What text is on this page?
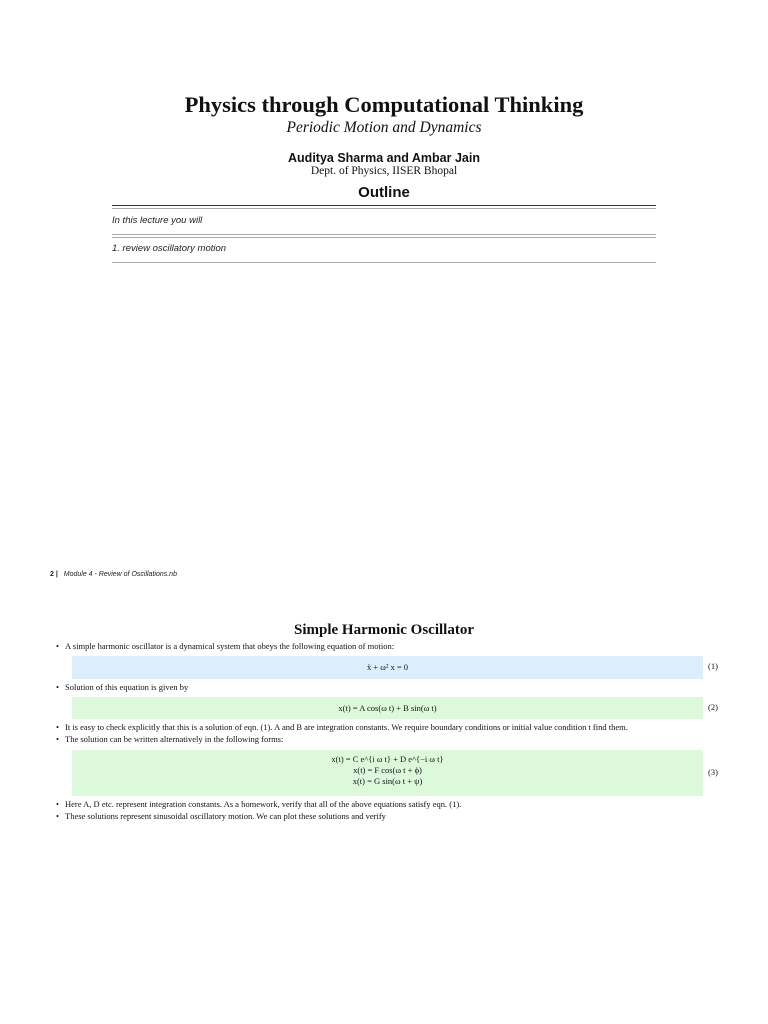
Physics through Computational Thinking
Periodic Motion and Dynamics
Auditya Sharma and Ambar Jain
Dept. of Physics, IISER Bhopal
Outline
In this lecture you will
1. review oscillatory motion
2 | Module 4 - Review of Oscillations.nb
Simple Harmonic Oscillator
• A simple harmonic oscillator is a dynamical system that obeys the following equation of motion:
ẍ + ω² x = 0	(1)
• Solution of this equation is given by
x(t) = A cos(ω t) + B sin(ω t)	(2)
• It is easy to check explicitly that this is a solution of eqn. (1). A and B are integration constants. We require boundary conditions or initial value condition t find them.
• The solution can be written alternatively in the following forms:
x(t) = C e^{i ω t} + D e^{−i ω t}
x(t) = F cos(ω t + ϕ)
x(t) = G sin(ω t + ψ)
(3)
• Here A, D etc. represent integration constants. As a homework, verify that all of the above equations satisfy eqn. (1).
• These solutions represent sinusoidal oscillatory motion. We can plot these solutions and verify
